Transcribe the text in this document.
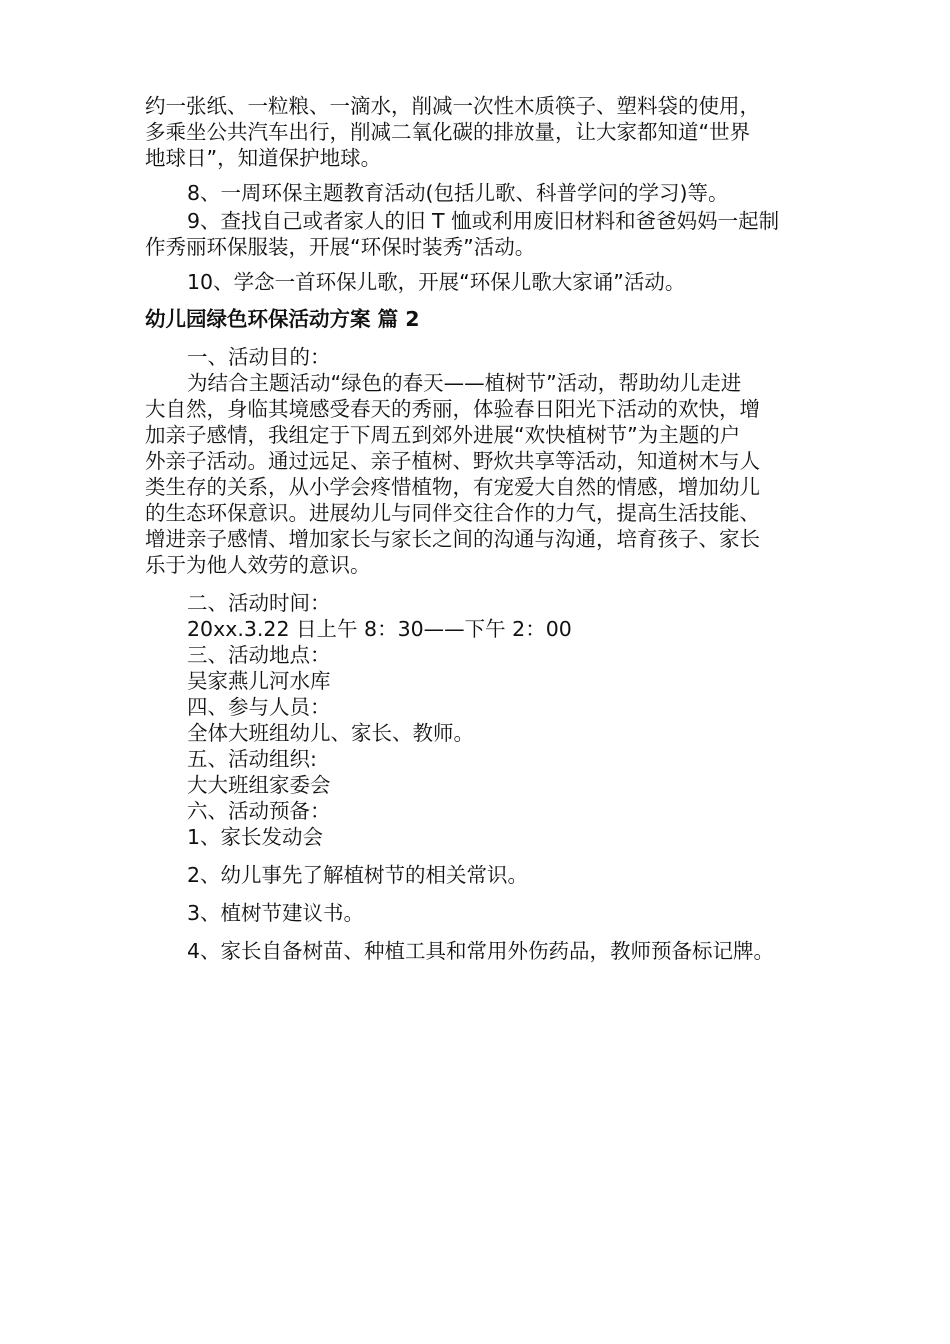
约一张纸、一粒粮、一滴水，削减一次性木质筷子、塑料袋的使用，
多乘坐公共汽车出行，削减二氧化碳的排放量，让大家都知道“世界
地球日”，知道保护地球。
8、一周环保主题教育活动(包括儿歌、科普学问的学习)等。
9、查找自己或者家人的旧 T 恤或利用废旧材料和爸爸妈妈一起制
作秀丽环保服装，开展“环保时装秀”活动。
10、学念一首环保儿歌，开展“环保儿歌大家诵”活动。
幼儿园绿色环保活动方案 篇 2
一、活动目的：
为结合主题活动“绿色的春天——植树节”活动，帮助幼儿走进
大自然，身临其境感受春天的秀丽，体验春日阳光下活动的欢快，增
加亲子感情，我组定于下周五到郊外进展“欢快植树节”为主题的户
外亲子活动。通过远足、亲子植树、野炊共享等活动，知道树木与人
类生存的关系，从小学会疼惜植物，有宠爱大自然的情感，增加幼儿
的生态环保意识。进展幼儿与同伴交往合作的力气，提高生活技能、
增进亲子感情、增加家长与家长之间的沟通与沟通，培育孩子、家长
乐于为他人效劳的意识。
二、活动时间：
20xx.3.22 日上午 8：30——下午 2：00
三、活动地点：
吴家燕儿河水库
四、参与人员：
全体大班组幼儿、家长、教师。
五、活动组织:
大大班组家委会
六、活动预备：
1、家长发动会
2、幼儿事先了解植树节的相关常识。
3、植树节建议书。
4、家长自备树苗、种植工具和常用外伤药品，教师预备标记牌。
